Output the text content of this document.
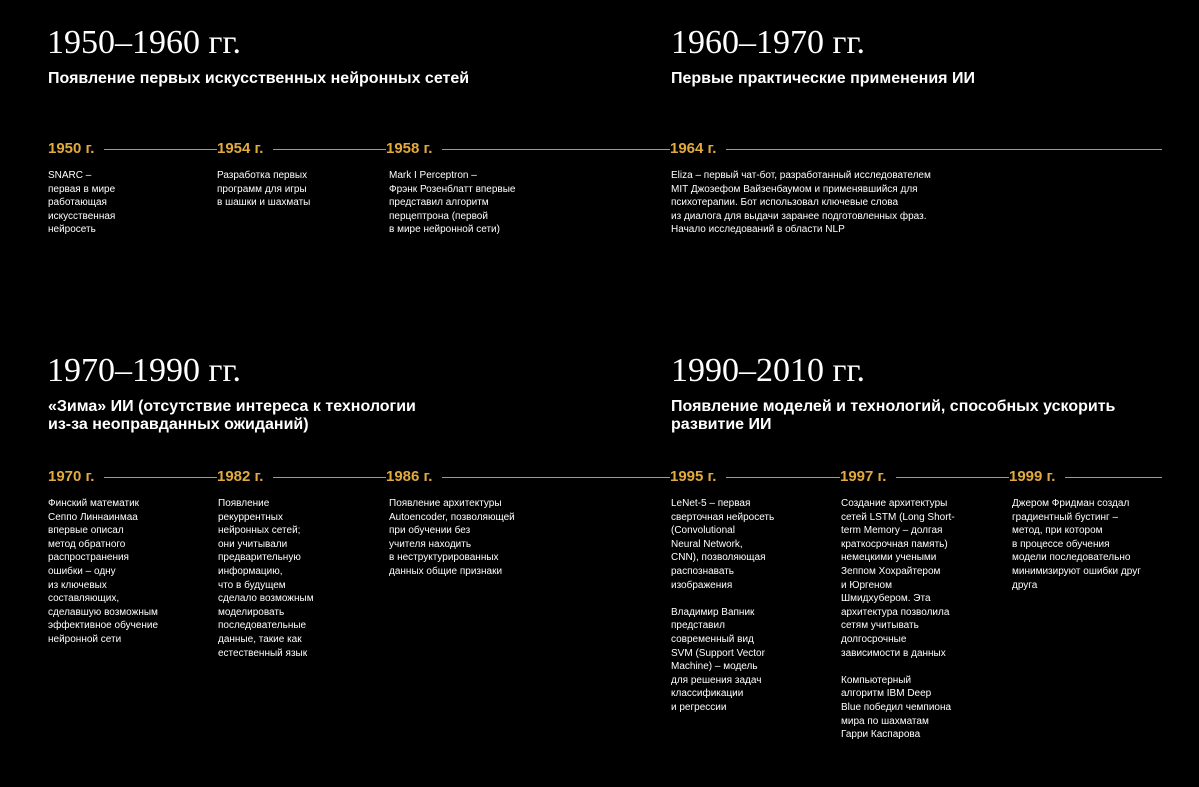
1950–1960 гг.

Появление первых искусственных нейронных сетей

1960–1970 гг.

Первые практические применения ИИ

1950 г.

SNARC –
первая в мире
работающая
искусственная
нейросеть

1954 г.

Разработка первых
программ для игры
в шашки и шахматы

1958 г.

Mark I Perceptron –
Фрэнк Розенблатт впервые
представил алгоритм
перцептрона (первой
в мире нейронной сети)

1964 г.

Eliza – первый чат-бот, разработанный исследователем
MIT Джозефом Вайзенбаумом и применявшийся для
психотерапии. Бот использовал ключевые слова
из диалога для выдачи заранее подготовленных фраз.
Начало исследований в области NLP

1970–1990 гг.

«Зима» ИИ (отсутствие интереса к технологии
из-за неоправданных ожиданий)

1990–2010 гг.

Появление моделей и технологий, способных ускорить
развитие ИИ

1970 г.

Финский математик
Сеппо Линнаинмаа
впервые описал
метод обратного
распространения
ошибки – одну
из ключевых
составляющих,
сделавшую возможным
эффективное обучение
нейронной сети

1982 г.

Появление
рекуррентных
нейронных сетей;
они учитывали
предварительную
информацию,
что в будущем
сделало возможным
моделировать
последовательные
данные, такие как
естественный язык

1986 г.

Появление архитектуры
Autoencoder, позволяющей
при обучении без
учителя находить
в неструктурированных
данных общие признаки

1995 г.

LeNet-5 – первая
сверточная нейросеть
(Convolutional
Neural Network,
CNN), позволяющая
распознавать
изображения

Владимир Вапник
представил
современный вид
SVM (Support Vector
Machine) – модель
для решения задач
классификации
и регрессии

1997 г.

Создание архитектуры
сетей LSTM (Long Short-
term Memory – долгая
краткосрочная память)
немецкими учеными
Зеппом Хохрайтером
и Юргеном
Шмидхубером. Эта
архитектура позволила
сетям учитывать
долгосрочные
зависимости в данных

Компьютерный
алгоритм IBM Deep
Blue победил чемпиона
мира по шахматам
Гарри Каспарова

1999 г.

Джером Фридман создал
градиентный бустинг –
метод, при котором
в процессе обучения
модели последовательно
минимизируют ошибки друг
друга
